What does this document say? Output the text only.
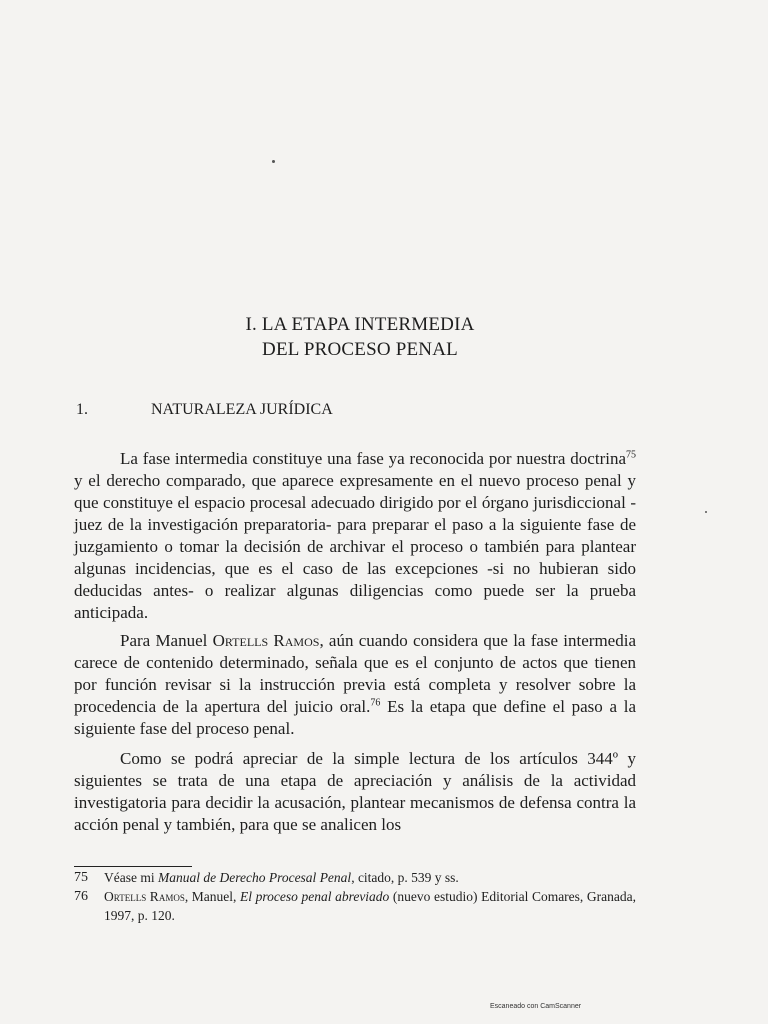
I. LA ETAPA INTERMEDIA
DEL PROCESO PENAL
1.	NATURALEZA JURÍDICA

La fase intermedia constituye una fase ya reconocida por nuestra doctrina$^{75}$ y el derecho comparado, que aparece expresamente en el nuevo proceso penal y que constituye el espacio procesal adecuado dirigido por el órgano jurisdiccional -juez de la investigación preparatoria- para preparar el paso a la siguiente fase de juzgamiento o tomar la decisión de archivar el proceso o también para plantear algunas incidencias, que es el caso de las excepciones -si no hubieran sido deducidas antes- o realizar algunas diligencias como puede ser la prueba anticipada.

Para Manuel Ortells Ramos, aún cuando considera que la fase intermedia carece de contenido determinado, señala que es el conjunto de actos que tienen por función revisar si la instrucción previa está completa y resolver sobre la procedencia de la apertura del juicio oral.$^{76}$ Es la etapa que define el paso a la siguiente fase del proceso penal.

Como se podrá apreciar de la simple lectura de los artículos 344º y siguientes se trata de una etapa de apreciación y análisis de la actividad investigatoria para decidir la acusación, plantear mecanismos de defensa contra la acción penal y también, para que se analicen los

75 Véase mi Manual de Derecho Procesal Penal, citado, p. 539 y ss.
76 Ortells Ramos, Manuel, El proceso penal abreviado (nuevo estudio) Editorial Comares, Granada, 1997, p. 120.
Escaneado con CamScanner
